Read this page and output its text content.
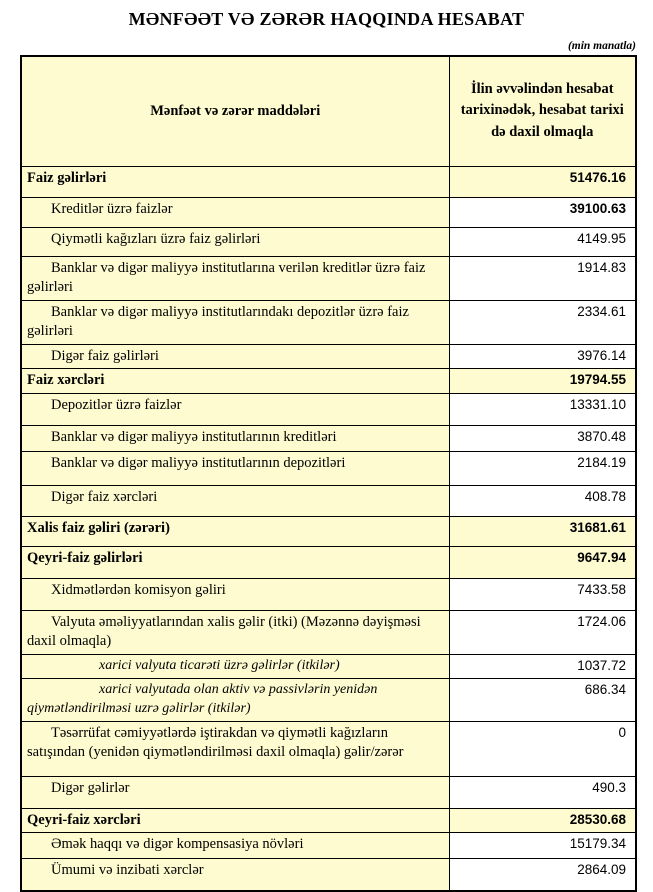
MƏNFƏƏT VƏ ZƏRƏR HAQQINDA HESABAT
(min manatla)
Mənfəət və zərər maddələri	İlin əvvəlindən hesabat tarixinədək, hesabat tarixi də daxil olmaqla
Faiz gəlirləri	51476.16
Kreditlər üzrə faizlər	39100.63
Qiymətli kağızları üzrə faiz gəlirləri	4149.95
Banklar və digər maliyyə institutlarına verilən kreditlər üzrə faiz gəlirləri	1914.83
Banklar və digər maliyyə institutlarındakı depozitlər üzrə faiz gəlirləri	2334.61
Digər faiz gəlirləri	3976.14
Faiz xərcləri	19794.55
Depozitlər üzrə faizlər	13331.10
Banklar və digər maliyyə institutlarının kreditləri	3870.48
Banklar və digər maliyyə institutlarının depozitləri	2184.19
Digər faiz xərcləri	408.78
Xalis faiz gəliri (zərəri)	31681.61
Qeyri-faiz gəlirləri	9647.94
Xidmətlərdən komisyon gəliri	7433.58
Valyuta əməliyyatlarından xalis gəlir (itki) (Məzənnə dəyişməsi daxil olmaqla)	1724.06
xarici valyuta ticarəti üzrə gəlirlər (itkilər)	1037.72
xarici valyutada olan aktiv və passivlərin yenidən qiymətləndirilməsi uzrə gəlirlər (itkilər)	686.34
Təsərrüfat cəmiyyətlərdə iştirakdan və qiymətli kağızların satışından (yenidən qiymətləndirilməsi daxil olmaqla) gəlir/zərər	0
Digər gəlirlər	490.3
Qeyri-faiz xərcləri	28530.68
Əmək haqqı və digər kompensasiya növləri	15179.34
Ümumi və inzibati xərclər	2864.09
